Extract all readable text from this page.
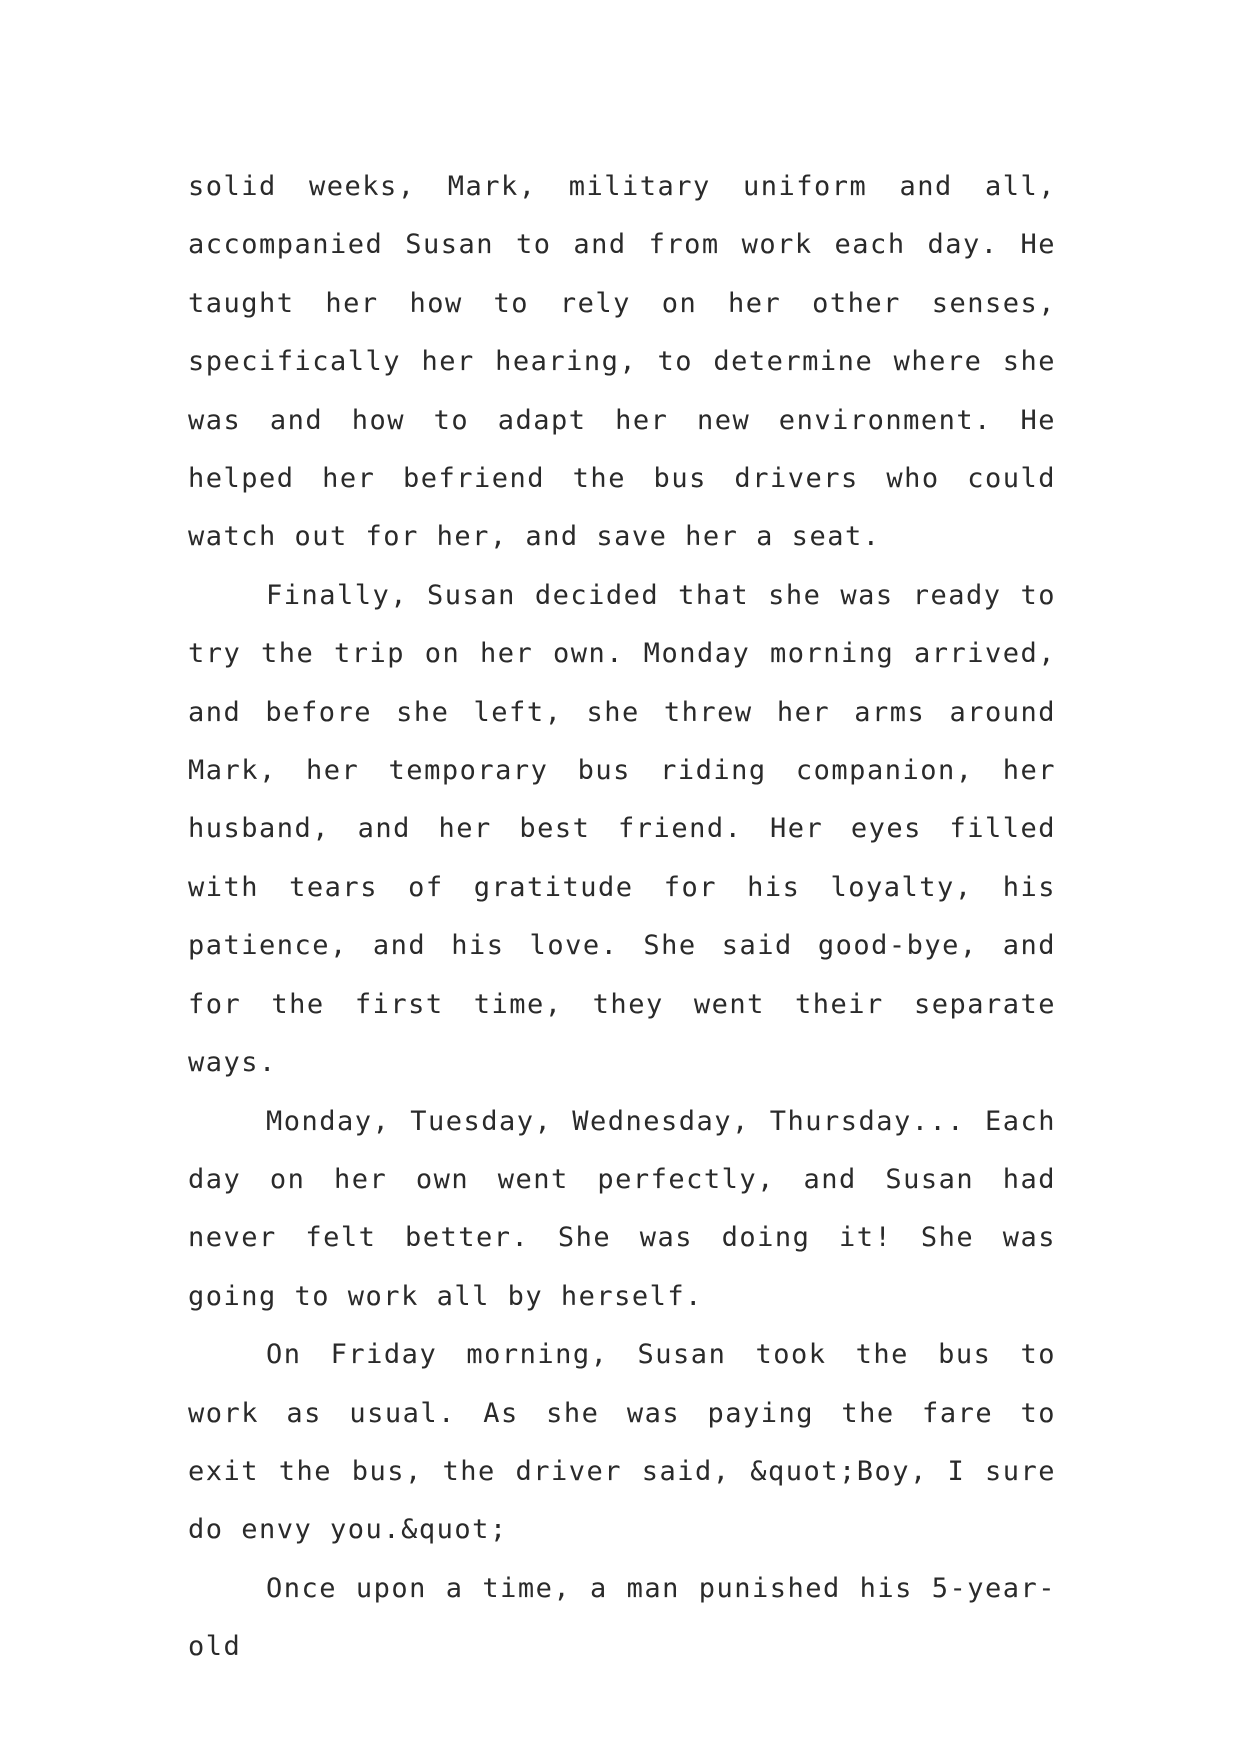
solid weeks, Mark, military uniform and all, accompanied Susan to and from work each day. He taught her how to rely on her other senses, specifically her hearing, to determine where she was and how to adapt her new environment. He helped her befriend the bus drivers who could watch out for her, and save her a seat.

Finally, Susan decided that she was ready to try the trip on her own. Monday morning arrived, and before she left, she threw her arms around Mark, her temporary bus riding companion, her husband, and her best friend. Her eyes filled with tears of gratitude for his loyalty, his patience, and his love. She said good-bye, and for the first time, they went their separate ways.

Monday, Tuesday, Wednesday, Thursday... Each day on her own went perfectly, and Susan had never felt better. She was doing it! She was going to work all by herself.

On Friday morning, Susan took the bus to work as usual. As she was paying the fare to exit the bus, the driver said, &quot;Boy, I sure do envy you.&quot;

Once upon a time, a man punished his 5-year-old
